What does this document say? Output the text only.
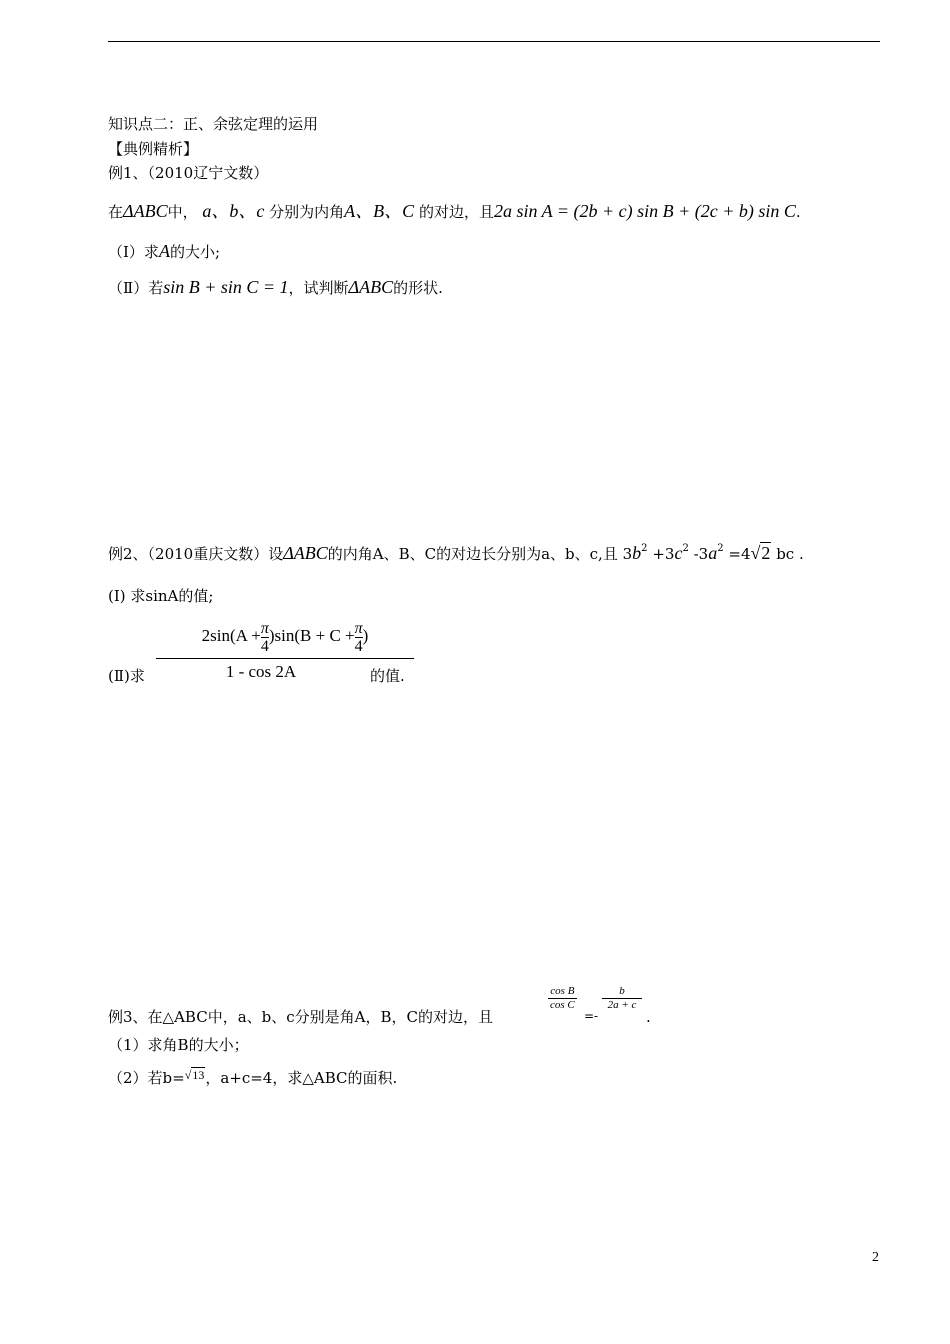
知识点二：正、余弦定理的运用
【典例精析】
例1、（2010辽宁文数）
在ΔABC中， a、b、c 分别为内角A、B、C 的对边，且2a sin A = (2b + c) sin B + (2c + b) sin C.
（Ⅰ）求A的大小;
（Ⅱ）若sin B + sin C = 1，试判断ΔABC的形状.
例2、（2010重庆文数）设ΔABC的内角A、B、C的对边长分别为a、b、c,且 $3b^2 +3c^2$ $-3a^2 =4√2$ bc .
(Ⅰ) 求sinA的值;
(Ⅱ)求
$2\sin(A + \frac{\pi}{4} )\sin(B + C + \frac{\pi}{4}$ )
1 - cos 2A	的值.
例3、在△ABC中，a、b、c分别是角A，B，C的对边，且
$\frac{\text{cos B}}{\text{cos C}}$
=-
$\frac{b}{2a + c}$
.
（1）求角B的大小；
（2）若b=$^{√13}$，a+c=4，求△ABC的面积.
2
